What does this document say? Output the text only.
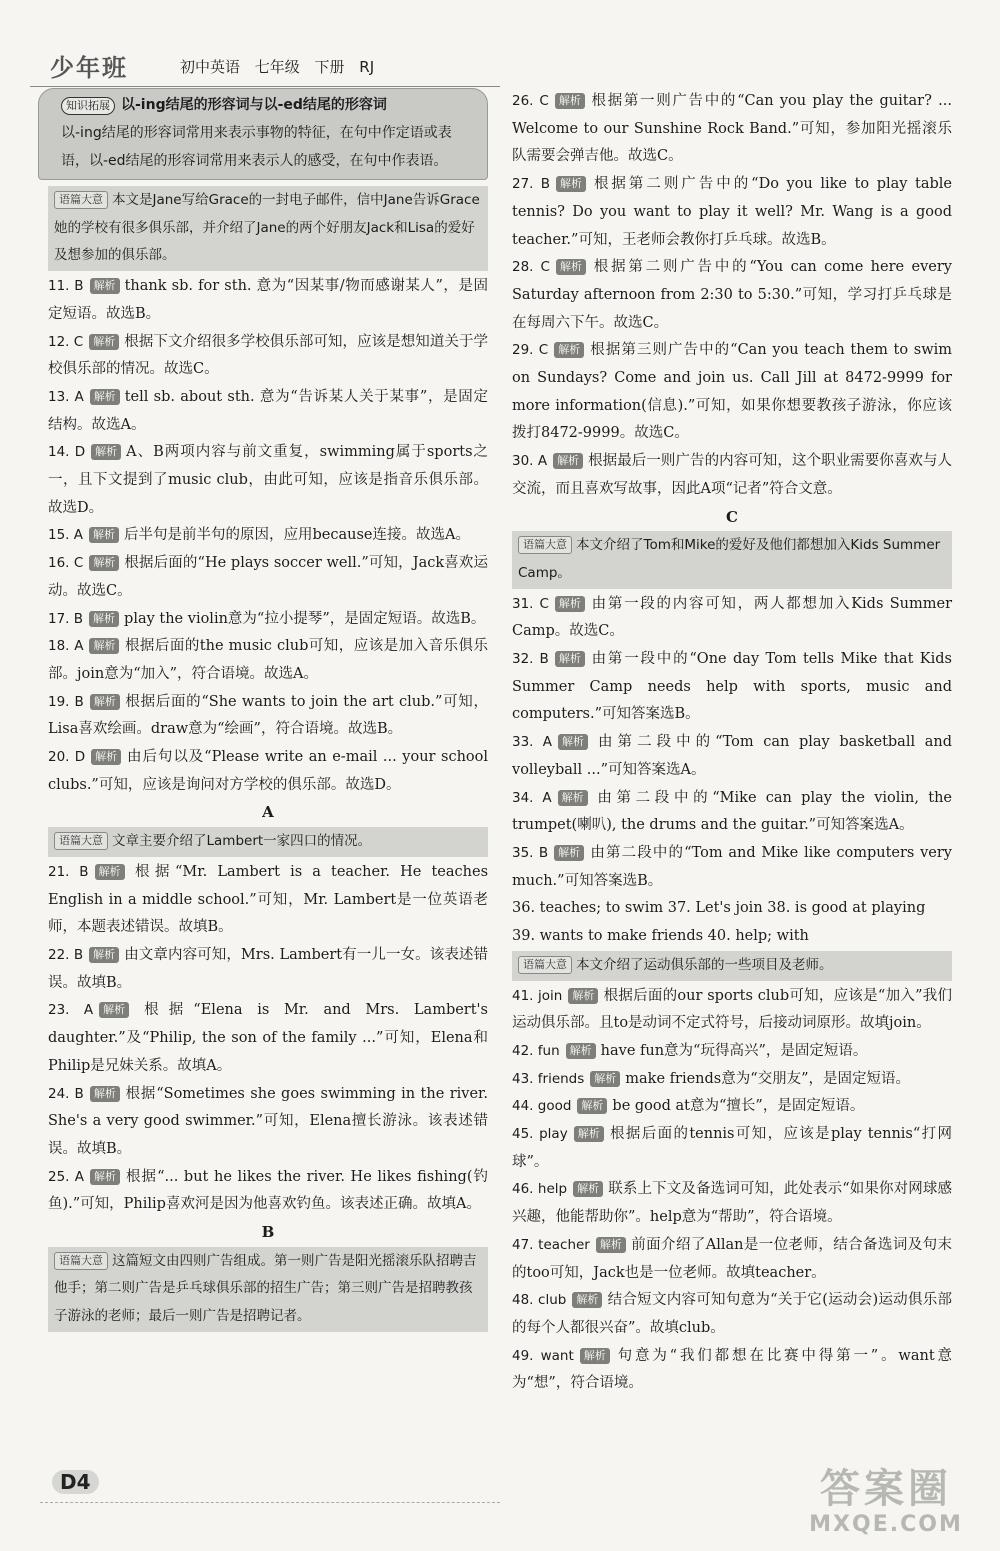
少年班	初中英语 七年级 下册 RJ
知识拓展 以-ing结尾的形容词与以-ed结尾的形容词
以-ing结尾的形容词常用来表示事物的特征，在句中作定语或表语，以-ed结尾的形容词常用来表示人的感受，在句中作表语。
语篇大意 本文是Jane写给Grace的一封电子邮件，信中Jane告诉Grace她的学校有很多俱乐部，并介绍了Jane的两个好朋友Jack和Lisa的爱好及想参加的俱乐部。
11. B 解析 thank sb. for sth. 意为“因某事/物而感谢某人”，是固定短语。故选B。
12. C 解析 根据下文介绍很多学校俱乐部可知，应该是想知道关于学校俱乐部的情况。故选C。
13. A 解析 tell sb. about sth. 意为“告诉某人关于某事”，是固定结构。故选A。
14. D 解析 A、B两项内容与前文重复，swimming属于sports之一，且下文提到了music club，由此可知，应该是指音乐俱乐部。故选D。
15. A 解析 后半句是前半句的原因，应用because连接。故选A。
16. C 解析 根据后面的“He plays soccer well.”可知，Jack喜欢运动。故选C。
17. B 解析 play the violin意为“拉小提琴”，是固定短语。故选B。
18. A 解析 根据后面的the music club可知，应该是加入音乐俱乐部。join意为“加入”，符合语境。故选A。
19. B 解析 根据后面的“She wants to join the art club.”可知，Lisa喜欢绘画。draw意为“绘画”，符合语境。故选B。
20. D 解析 由后句以及“Please write an e-mail ... your school clubs.”可知，应该是询问对方学校的俱乐部。故选D。
A
语篇大意 文章主要介绍了Lambert一家四口的情况。
21. B 解析 根据“Mr. Lambert is a teacher. He teaches English in a middle school.”可知，Mr. Lambert是一位英语老师，本题表述错误。故填B。
22. B 解析 由文章内容可知，Mrs. Lambert有一儿一女。该表述错误。故填B。
23. A 解析 根据“Elena is Mr. and Mrs. Lambert's daughter.”及“Philip, the son of the family ...”可知，Elena和Philip是兄妹关系。故填A。
24. B 解析 根据“Sometimes she goes swimming in the river. She's a very good swimmer.”可知，Elena擅长游泳。该表述错误。故填B。
25. A 解析 根据“... but he likes the river. He likes fishing(钓鱼).”可知，Philip喜欢河是因为他喜欢钓鱼。该表述正确。故填A。
B
语篇大意 这篇短文由四则广告组成。第一则广告是阳光摇滚乐队招聘吉他手；第二则广告是乒乓球俱乐部的招生广告；第三则广告是招聘教孩子游泳的老师；最后一则广告是招聘记者。
26. C 解析 根据第一则广告中的“Can you play the guitar? ... Welcome to our Sunshine Rock Band.”可知，参加阳光摇滚乐队需要会弹吉他。故选C。
27. B 解析 根据第二则广告中的“Do you like to play table tennis? Do you want to play it well? Mr. Wang is a good teacher.”可知，王老师会教你打乒乓球。故选B。
28. C 解析 根据第二则广告中的“You can come here every Saturday afternoon from 2:30 to 5:30.”可知，学习打乒乓球是在每周六下午。故选C。
29. C 解析 根据第三则广告中的“Can you teach them to swim on Sundays? Come and join us. Call Jill at 8472-9999 for more information(信息).”可知，如果你想要教孩子游泳，你应该拨打8472-9999。故选C。
30. A 解析 根据最后一则广告的内容可知，这个职业需要你喜欢与人交流，而且喜欢写故事，因此A项“记者”符合文意。
C
语篇大意 本文介绍了Tom和Mike的爱好及他们都想加入Kids Summer Camp。
31. C 解析 由第一段的内容可知，两人都想加入Kids Summer Camp。故选C。
32. B 解析 由第一段中的“One day Tom tells Mike that Kids Summer Camp needs help with sports, music and computers.”可知答案选B。
33. A 解析 由第二段中的“Tom can play basketball and volleyball ...”可知答案选A。
34. A 解析 由第二段中的“Mike can play the violin, the trumpet(喇叭), the drums and the guitar.”可知答案选A。
35. B 解析 由第二段中的“Tom and Mike like computers very much.”可知答案选B。
36. teaches; to swim 37. Let's join 38. is good at playing
39. wants to make friends 40. help; with
语篇大意 本文介绍了运动俱乐部的一些项目及老师。
41. join 解析 根据后面的our sports club可知，应该是“加入”我们运动俱乐部。且to是动词不定式符号，后接动词原形。故填join。
42. fun 解析 have fun意为“玩得高兴”，是固定短语。
43. friends 解析 make friends意为“交朋友”，是固定短语。
44. good 解析 be good at意为“擅长”，是固定短语。
45. play 解析 根据后面的tennis可知，应该是play tennis“打网球”。
46. help 解析 联系上下文及备选词可知，此处表示“如果你对网球感兴趣，他能帮助你”。help意为“帮助”，符合语境。
47. teacher 解析 前面介绍了Allan是一位老师，结合备选词及句末的too可知，Jack也是一位老师。故填teacher。
48. club 解析 结合短文内容可知句意为“关于它(运动会)运动俱乐部的每个人都很兴奋”。故填club。
49. want 解析 句意为“我们都想在比赛中得第一”。want意为“想”，符合语境。
D4	答案圈
MXQE.COM
